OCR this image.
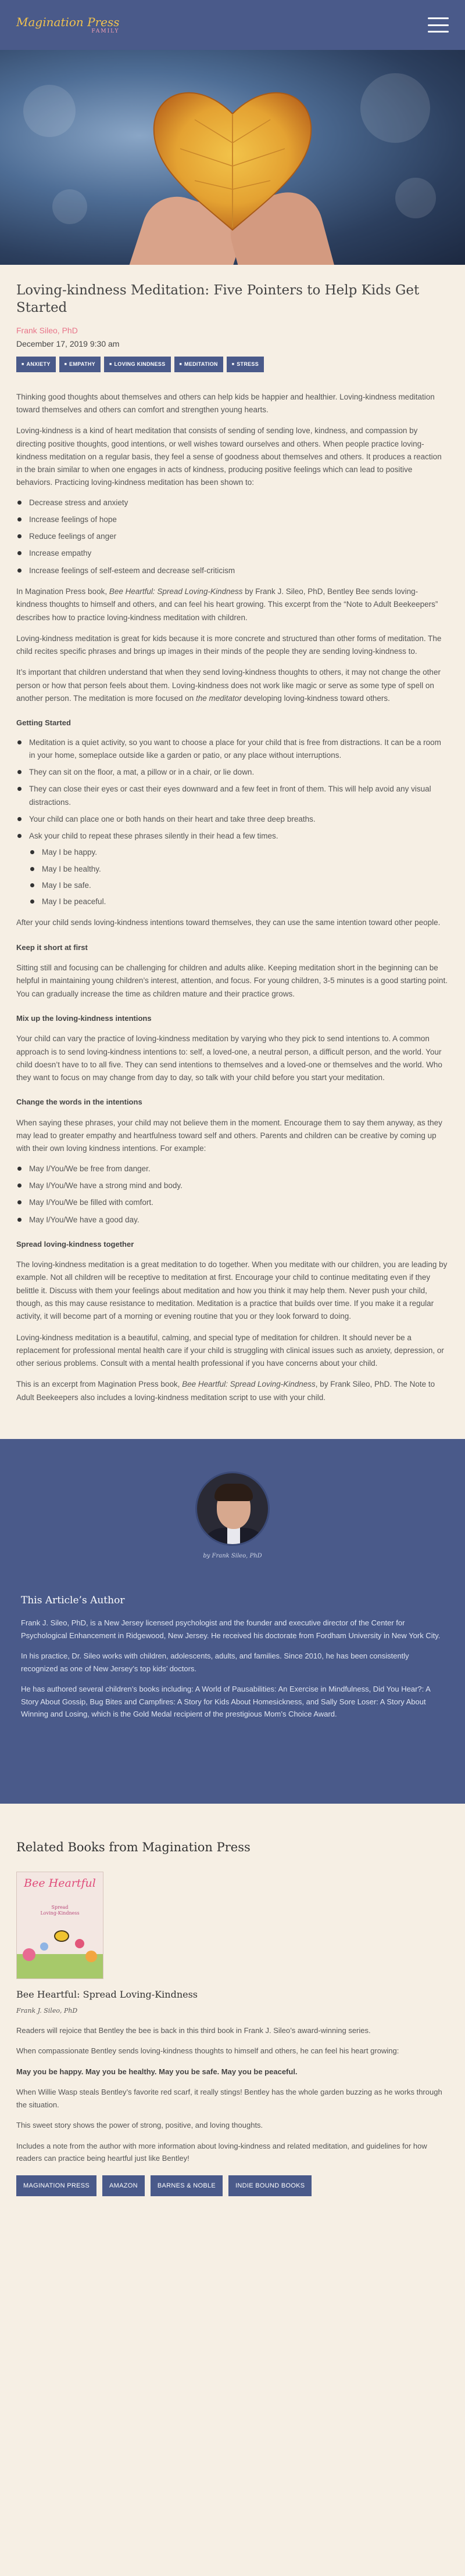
Magination Press
FAMILY
Loving-kindness Meditation: Five Pointers to Help Kids Get Started
Frank Sileo, PhD
December 17, 2019 9:30 am
■ ANXIETY	■ EMPATHY	■ LOVING KINDNESS	■ MEDITATION	■ STRESS

Thinking good thoughts about themselves and others can help kids be happier and healthier. Loving-kindness meditation toward themselves and others can comfort and strengthen young hearts.

Loving-kindness is a kind of heart meditation that consists of sending of sending love, kindness, and compassion by directing positive thoughts, good intentions, or well wishes toward ourselves and others. When people practice loving-kindness meditation on a regular basis, they feel a sense of goodness about themselves and others. It produces a reaction in the brain similar to when one engages in acts of kindness, producing positive feelings which can lead to positive behaviors. Practicing loving-kindness meditation has been shown to:

Decrease stress and anxiety
Increase feelings of hope
Reduce feelings of anger
Increase empathy
Increase feelings of self-esteem and decrease self-criticism

In Magination Press book, Bee Heartful: Spread Loving-Kindness by Frank J. Sileo, PhD, Bentley Bee sends loving-kindness thoughts to himself and others, and can feel his heart growing. This excerpt from the “Note to Adult Beekeepers” describes how to practice loving-kindness meditation with children.

Loving-kindness meditation is great for kids because it is more concrete and structured than other forms of meditation. The child recites specific phrases and brings up images in their minds of the people they are sending loving-kindness to.

It’s important that children understand that when they send loving-kindness thoughts to others, it may not change the other person or how that person feels about them. Loving-kindness does not work like magic or serve as some type of spell on another person. The meditation is more focused on the meditator developing loving-kindness toward others.

Getting Started
Meditation is a quiet activity, so you want to choose a place for your child that is free from distractions. It can be a room in your home, someplace outside like a garden or patio, or any place without interruptions.
They can sit on the floor, a mat, a pillow or in a chair, or lie down.
They can close their eyes or cast their eyes downward and a few feet in front of them. This will help avoid any visual distractions.
Your child can place one or both hands on their heart and take three deep breaths.
Ask your child to repeat these phrases silently in their head a few times.
May I be happy.
May I be healthy.
May I be safe.
May I be peaceful.

After your child sends loving-kindness intentions toward themselves, they can use the same intention toward other people.

Keep it short at first

Sitting still and focusing can be challenging for children and adults alike. Keeping meditation short in the beginning can be helpful in maintaining young children’s interest, attention, and focus. For young children, 3-5 minutes is a good starting point. You can gradually increase the time as children mature and their practice grows.

Mix up the loving-kindness intentions

Your child can vary the practice of loving-kindness meditation by varying who they pick to send intentions to. A common approach is to send loving-kindness intentions to: self, a loved-one, a neutral person, a difficult person, and the world. Your child doesn’t have to to all five. They can send intentions to themselves and a loved-one or themselves and the world. Who they want to focus on may change from day to day, so talk with your child before you start your meditation.

Change the words in the intentions

When saying these phrases, your child may not believe them in the moment. Encourage them to say them anyway, as they may lead to greater empathy and heartfulness toward self and others. Parents and children can be creative by coming up with their own loving kindness intentions. For example:

May I/You/We be free from danger.
May I/You/We have a strong mind and body.
May I/You/We be filled with comfort.
May I/You/We have a good day.
Spread loving-kindness together

The loving-kindness meditation is a great meditation to do together. When you meditate with our children, you are leading by example. Not all children will be receptive to meditation at first. Encourage your child to continue meditating even if they belittle it. Discuss with them your feelings about meditation and how you think it may help them. Never push your child, though, as this may cause resistance to meditation. Meditation is a practice that builds over time. If you make it a regular activity, it will become part of a morning or evening routine that you or they look forward to doing.

Loving-kindness meditation is a beautiful, calming, and special type of meditation for children. It should never be a replacement for professional mental health care if your child is struggling with clinical issues such as anxiety, depression, or other serious problems. Consult with a mental health professional if you have concerns about your child.

This is an excerpt from Magination Press book, Bee Heartful: Spread Loving-Kindness, by Frank Sileo, PhD. The Note to Adult Beekeepers also includes a loving-kindness meditation script to use with your child.

by Frank Sileo, PhD
This Article’s Author

Frank J. Sileo, PhD, is a New Jersey licensed psychologist and the founder and executive director of the Center for Psychological Enhancement in Ridgewood, New Jersey. He received his doctorate from Fordham University in New York City.

In his practice, Dr. Sileo works with children, adolescents, adults, and families. Since 2010, he has been consistently recognized as one of New Jersey’s top kids’ doctors.

He has authored several children’s books including: A World of Pausabilities: An Exercise in Mindfulness, Did You Hear?: A Story About Gossip, Bug Bites and Campfires: A Story for Kids About Homesickness, and Sally Sore Loser: A Story About Winning and Losing, which is the Gold Medal recipient of the prestigious Mom’s Choice Award.

Related Books from Magination Press
Bee Heartful
Spread
Loving-Kindness
Bee Heartful: Spread Loving-Kindness
Frank J. Sileo, PhD

Readers will rejoice that Bentley the bee is back in this third book in Frank J. Sileo’s award-winning series.

When compassionate Bentley sends loving-kindness thoughts to himself and others, he can feel his heart growing:

May you be happy. May you be healthy. May you be safe. May you be peaceful.

When Willie Wasp steals Bentley’s favorite red scarf, it really stings! Bentley has the whole garden buzzing as he works through the situation.

This sweet story shows the power of strong, positive, and loving thoughts.

Includes a note from the author with more information about loving-kindness and related meditation, and guidelines for how readers can practice being heartful just like Bentley!

MAGINATION PRESS	AMAZON	BARNES & NOBLE	INDIE BOUND BOOKS
